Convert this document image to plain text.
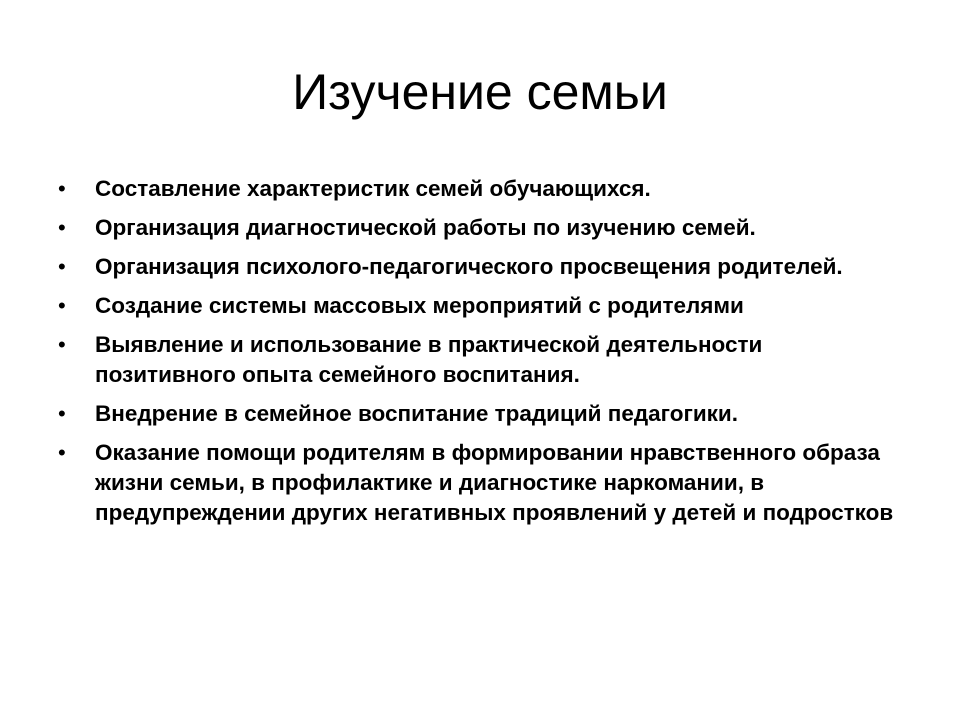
Изучение семьи
• Составление характеристик семей обучающихся.
• Организация диагностической работы по изучению семей.
• Организация психолого-педагогического просвещения родителей.
• Создание системы массовых мероприятий с родителями
• Выявление и использование в практической деятельности позитивного опыта семейного воспитания.
• Внедрение в семейное воспитание традиций педагогики.
• Оказание помощи родителям в формировании нравственного образа жизни семьи, в профилактике и диагностике наркомании, в предупреждении других негативных проявлений у детей и подростков
